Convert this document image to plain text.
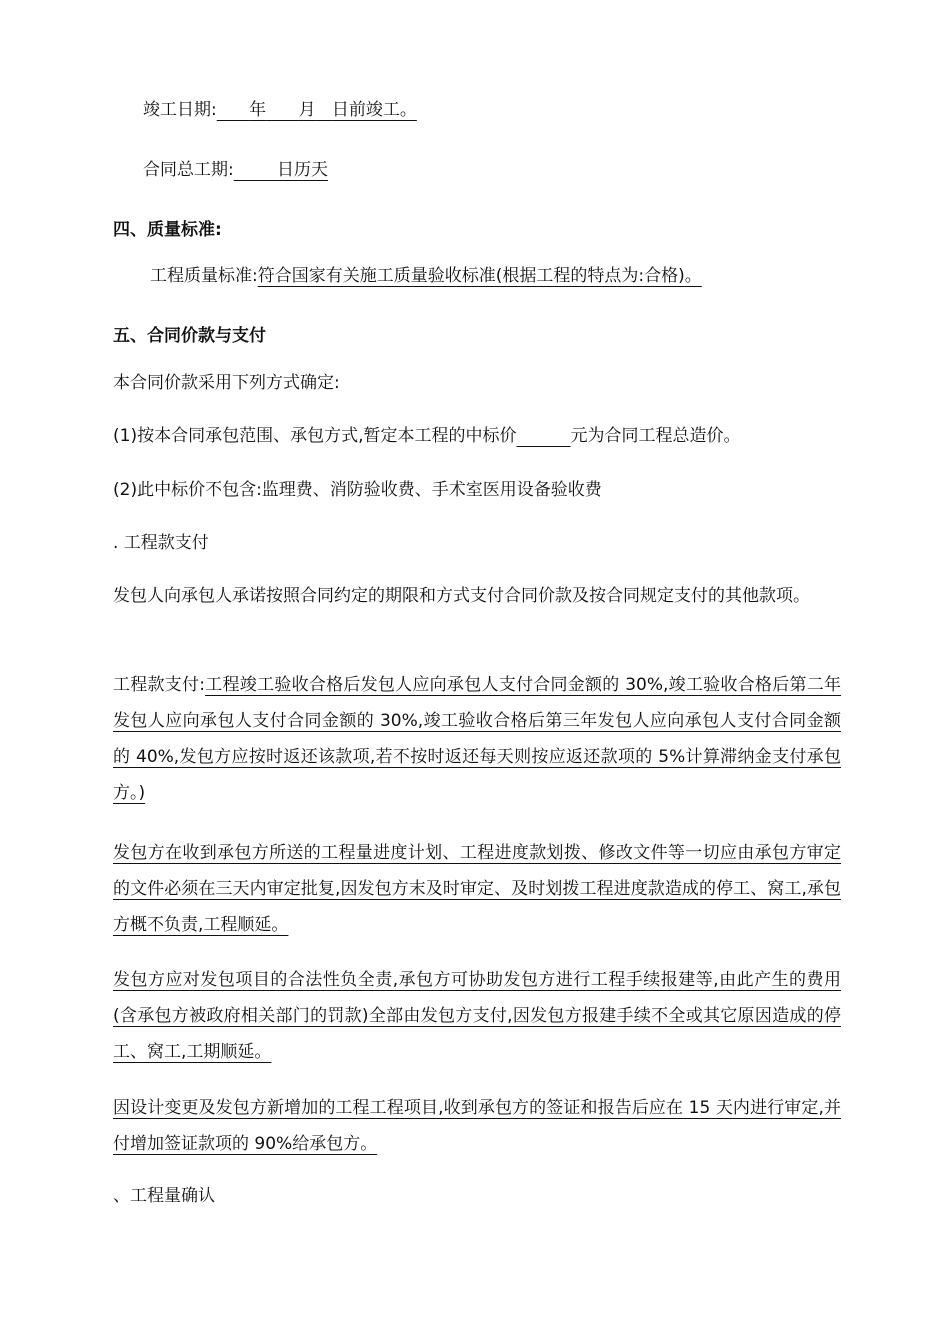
竣工日期: 年 月 日前竣工。
合同总工期:	日历天
四、质量标准:
工程质量标准:符合国家有关施工质量验收标准(根据工程的特点为:合格)。
五、合同价款与支付
本合同价款采用下列方式确定:
(1)按本合同承包范围、承包方式,暂定本工程的中标价	元为合同工程总造价。
(2)此中标价不包含:监理费、消防验收费、手术室医用设备验收费
. 工程款支付
发包人向承包人承诺按照合同约定的期限和方式支付合同价款及按合同规定支付的其他款项。
工程款支付:工程竣工验收合格后发包人应向承包人支付合同金额的 30%,竣工验收合格后第二年发包人应向承包人支付合同金额的 30%,竣工验收合格后第三年发包人应向承包人支付合同金额的 40%,发包方应按时返还该款项,若不按时返还每天则按应返还款项的 5%计算滞纳金支付承包方。)
发包方在收到承包方所送的工程量进度计划、工程进度款划拨、修改文件等一切应由承包方审定的文件必须在三天内审定批复,因发包方末及时审定、及时划拨工程进度款造成的停工、窝工,承包方概不负责,工程顺延。
发包方应对发包项目的合法性负全责,承包方可协助发包方进行工程手续报建等,由此产生的费用(含承包方被政府相关部门的罚款)全部由发包方支付,因发包方报建手续不全或其它原因造成的停工、窝工,工期顺延。
因设计变更及发包方新增加的工程工程项目,收到承包方的签证和报告后应在 15 天内进行审定,并付增加签证款项的 90%给承包方。
、工程量确认
